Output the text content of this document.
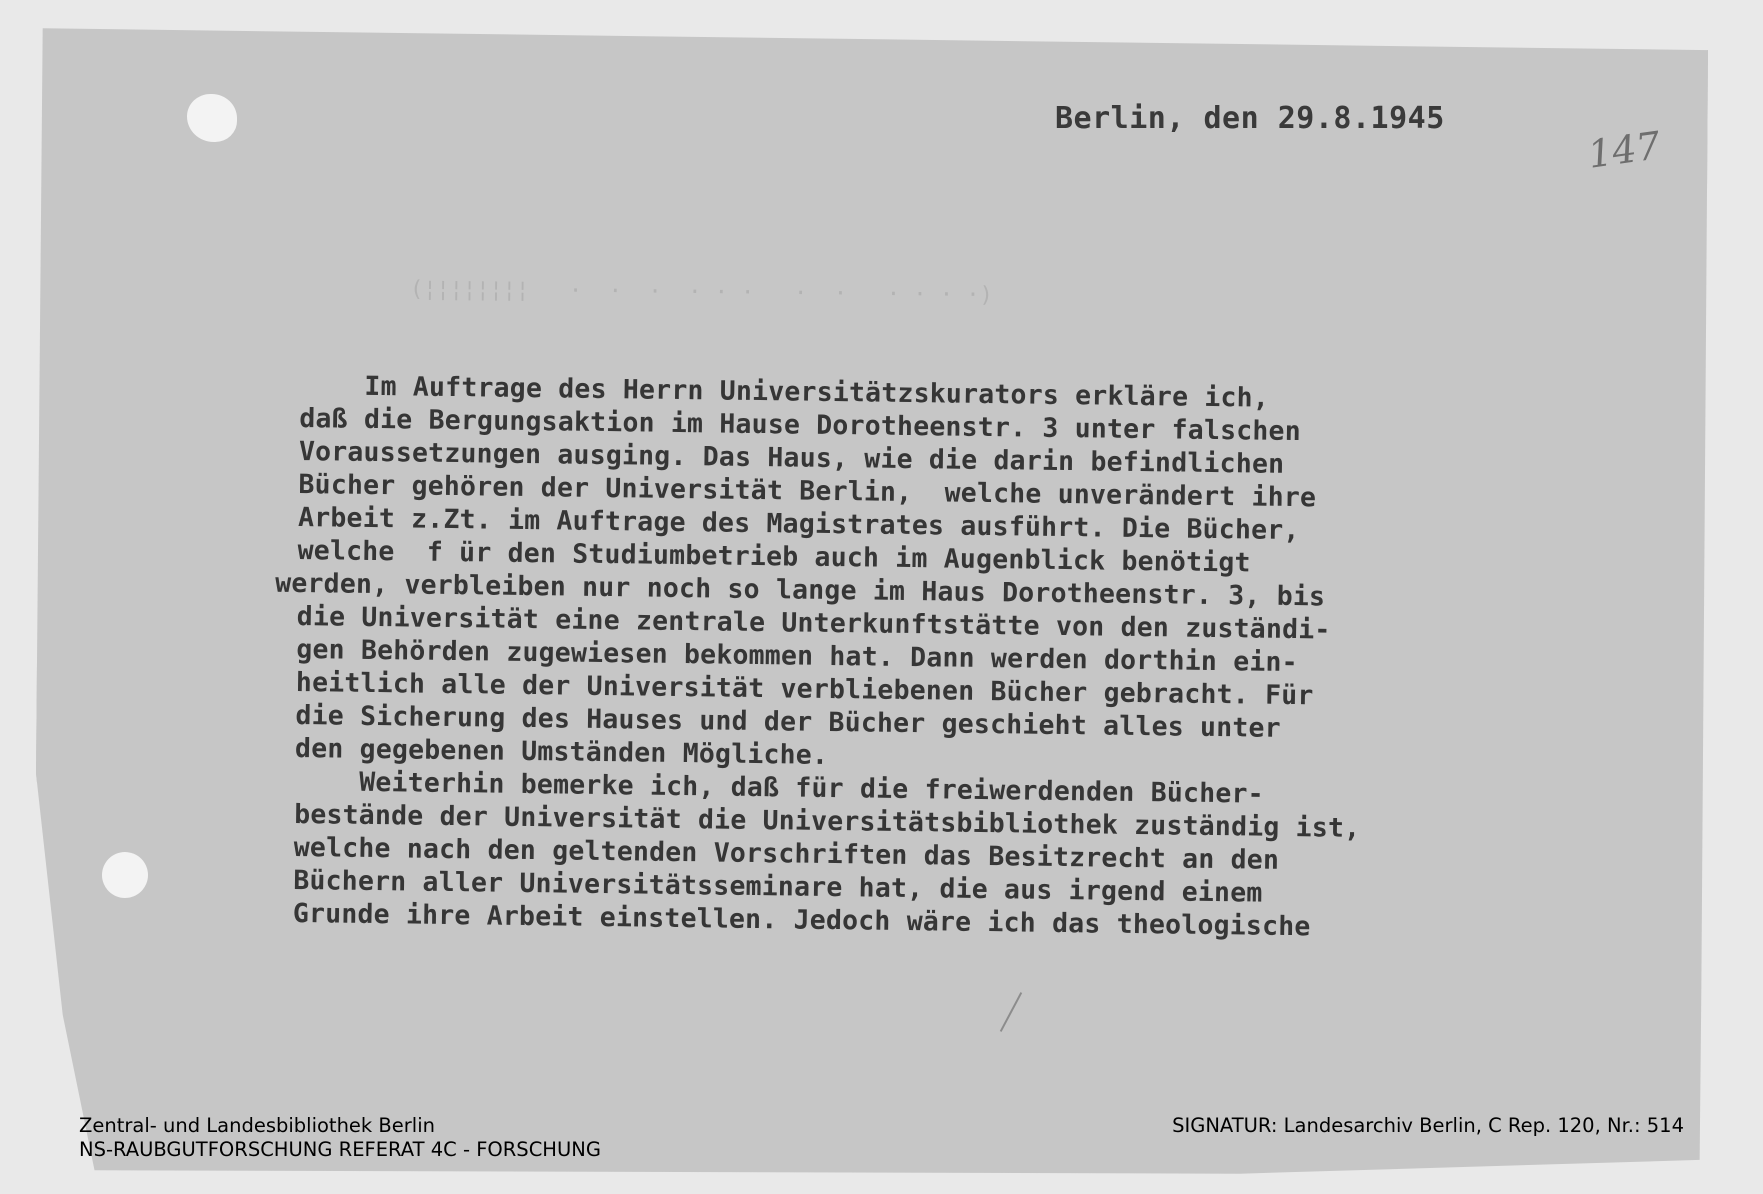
Berlin, den 29.8.1945
147
(¦¦¦¦¦¦¦¦   ·  ·  ·  · · ·   ·  ·   · · · ·)
Im Auftrage des Herrn Universitätzskurators erkläre ich,
daß die Bergungsaktion im Hause Dorotheenstr. 3 unter falschen
Voraussetzungen ausging. Das Haus, wie die darin befindlichen
Bücher gehören der Universität Berlin,  welche unverändert ihre
Arbeit z.Zt. im Auftrage des Magistrates ausführt. Die Bücher,
welche  f ür den Studiumbetrieb auch im Augenblick benötigt
werden, verbleiben nur noch so lange im Haus Dorotheenstr. 3, bis
die Universität eine zentrale Unterkunftstätte von den zuständi-
gen Behörden zugewiesen bekommen hat. Dann werden dorthin ein-
heitlich alle der Universität verbliebenen Bücher gebracht. Für
die Sicherung des Hauses und der Bücher geschieht alles unter
den gegebenen Umständen Mögliche.
Weiterhin bemerke ich, daß für die freiwerdenden Bücher-
bestände der Universität die Universitätsbibliothek zuständig ist,
welche nach den geltenden Vorschriften das Besitzrecht an den
Büchern aller Universitätsseminare hat, die aus irgend einem
Grunde ihre Arbeit einstellen. Jedoch wäre ich das theologische
Zentral- und Landesbibliothek Berlin
NS-RAUBGUTFORSCHUNG REFERAT 4C - FORSCHUNG
SIGNATUR: Landesarchiv Berlin, C Rep. 120, Nr.: 514
